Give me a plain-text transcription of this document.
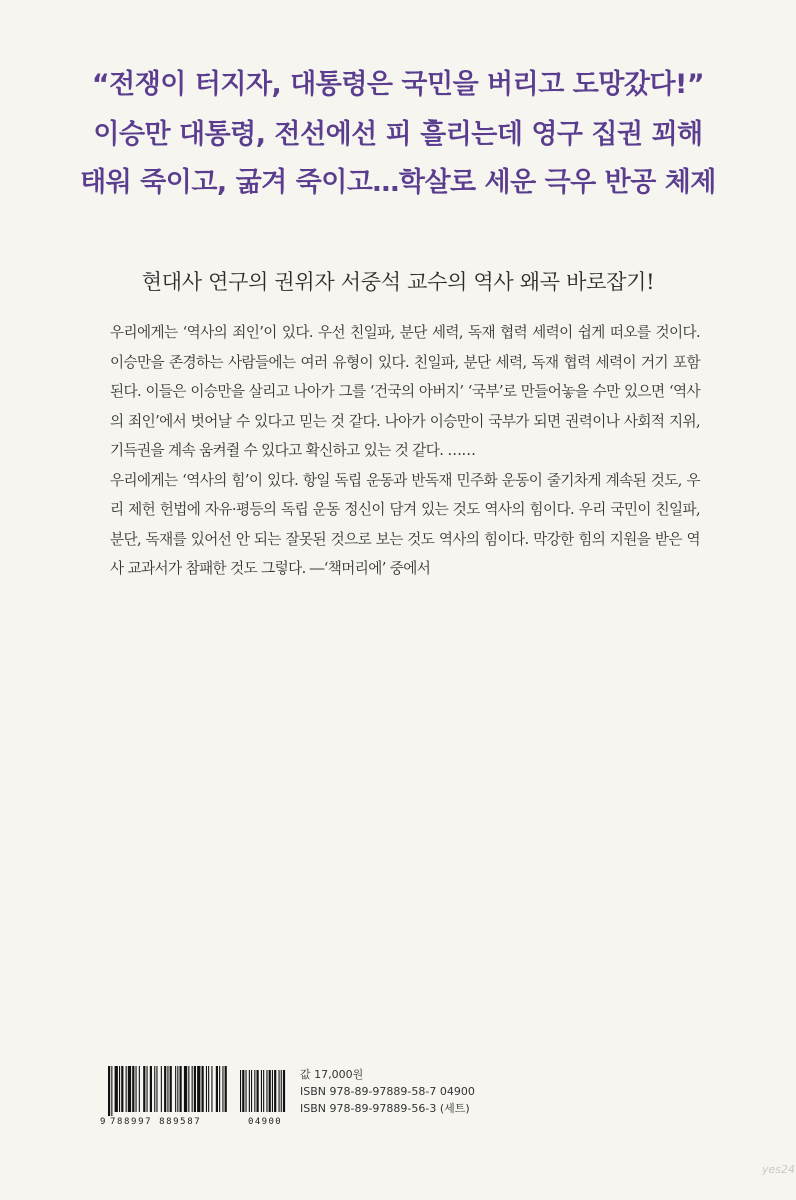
“전쟁이 터지자, 대통령은 국민을 버리고 도망갔다!”
이승만 대통령, 전선에선 피 흘리는데 영구 집권 꾀해
태워 죽이고, 굶겨 죽이고…학살로 세운 극우 반공 체제
현대사 연구의 권위자 서중석 교수의 역사 왜곡 바로잡기!

우리에게는 ‘역사의 죄인’이 있다. 우선 친일파, 분단 세력, 독재 협력 세력이 쉽게 떠오를 것이다. 이승만을 존경하는 사람들에는 여러 유형이 있다. 친일파, 분단 세력, 독재 협력 세력이 거기 포함된다. 이들은 이승만을 살리고 나아가 그를 ‘건국의 아버지’ ‘국부’로 만들어놓을 수만 있으면 ‘역사의 죄인’에서 벗어날 수 있다고 믿는 것 같다. 나아가 이승만이 국부가 되면 권력이나 사회적 지위, 기득권을 계속 움켜쥘 수 있다고 확신하고 있는 것 같다. ……

우리에게는 ‘역사의 힘’이 있다. 항일 독립 운동과 반독재 민주화 운동이 줄기차게 계속된 것도, 우리 제헌 헌법에 자유·평등의 독립 운동 정신이 담겨 있는 것도 역사의 힘이다. 우리 국민이 친일파, 분단, 독재를 있어선 안 되는 잘못된 것으로 보는 것도 역사의 힘이다. 막강한 힘의 지원을 받은 역사 교과서가 참패한 것도 그렇다. ―‘책머리에’ 중에서

9 788997 889587	04900
값 17,000원
ISBN 978-89-97889-58-7 04900
ISBN 978-89-97889-56-3 (세트)
yes24
